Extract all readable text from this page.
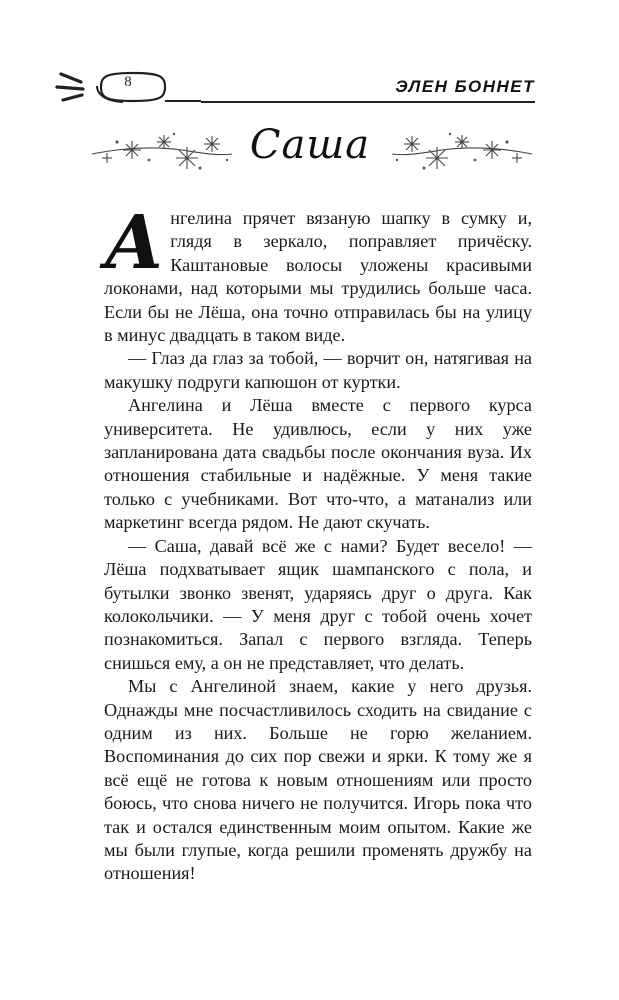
8	ЭЛЕН БОННЕТ
Саша

Ангелина прячет вязаную шапку в сумку и, глядя в зеркало, поправляет причёску. Каштановые волосы уложены красивыми локонами, над которыми мы трудились больше часа. Если бы не Лёша, она точно отправилась бы на улицу в минус двадцать в таком виде.

— Глаз да глаз за тобой, — ворчит он, натягивая на макушку подруги капюшон от куртки.

Ангелина и Лёша вместе с первого курса университета. Не удивлюсь, если у них уже запланирована дата свадьбы после окончания вуза. Их отношения стабильные и надёжные. У меня такие только с учебниками. Вот что-что, а матанализ или маркетинг всегда рядом. Не дают скучать.

— Саша, давай всё же с нами? Будет весело! — Лёша подхватывает ящик шампанского с пола, и бутылки звонко звенят, ударяясь друг о друга. Как колокольчики. — У меня друг с тобой очень хочет познакомиться. Запал с первого взгляда. Теперь снишься ему, а он не представляет, что делать.

Мы с Ангелиной знаем, какие у него друзья. Однажды мне посчастливилось сходить на свидание с одним из них. Больше не горю желанием. Воспоминания до сих пор свежи и ярки. К тому же я всё ещё не готова к новым отношениям или просто боюсь, что снова ничего не получится. Игорь пока что так и остался единственным моим опытом. Какие же мы были глупые, когда решили променять дружбу на отношения!
